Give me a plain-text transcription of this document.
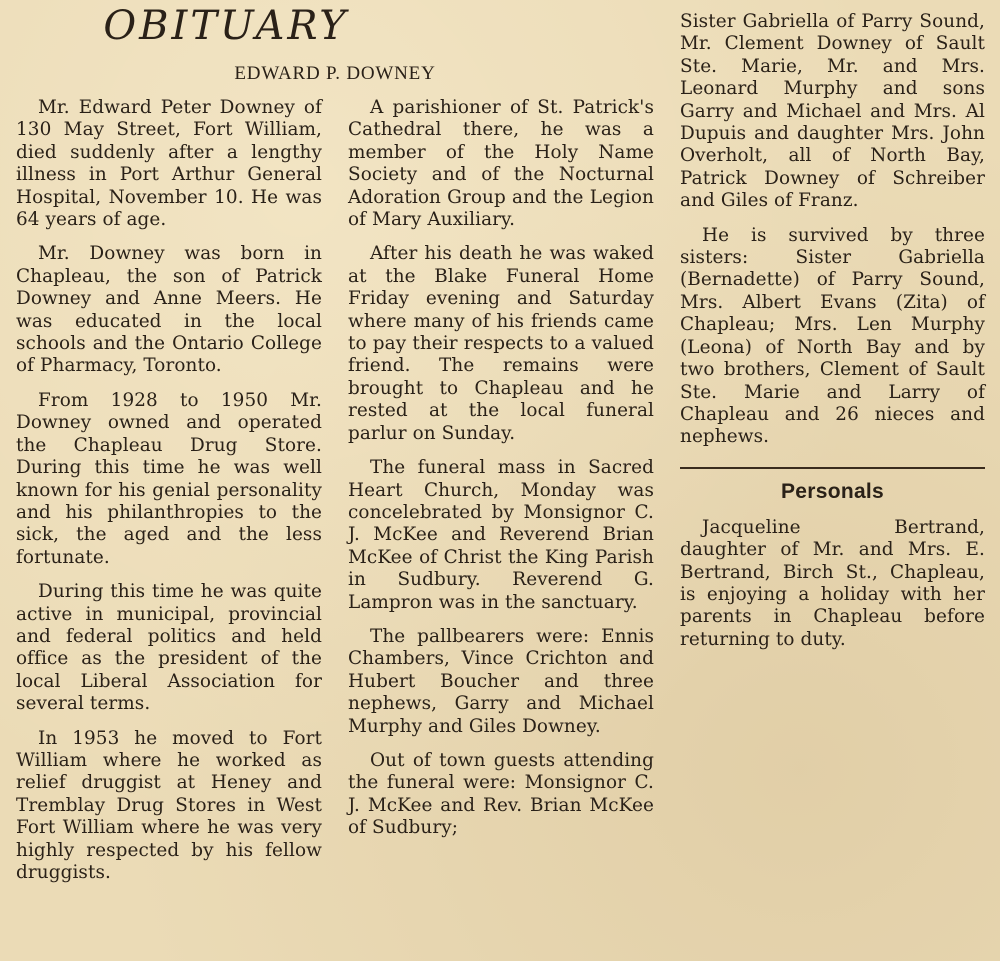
OBITUARY
EDWARD P. DOWNEY

Mr. Edward Peter Downey of 130 May Street, Fort William, died suddenly after a lengthy illness in Port Arthur General Hospital, November 10. He was 64 years of age.

Mr. Downey was born in Chapleau, the son of Patrick Downey and Anne Meers. He was educated in the local schools and the Ontario College of Pharmacy, Toronto.

From 1928 to 1950 Mr. Downey owned and operated the Chapleau Drug Store. During this time he was well known for his genial personality and his philanthropies to the sick, the aged and the less fortunate.

During this time he was quite active in municipal, provincial and federal politics and held office as the president of the local Liberal Association for several terms.

In 1953 he moved to Fort William where he worked as relief druggist at Heney and Tremblay Drug Stores in West Fort William where he was very highly respected by his fellow druggists.

A parishioner of St. Patrick's Cathedral there, he was a member of the Holy Name Society and of the Nocturnal Adoration Group and the Legion of Mary Auxiliary.

After his death he was waked at the Blake Funeral Home Friday evening and Saturday where many of his friends came to pay their respects to a valued friend. The remains were brought to Chapleau and he rested at the local funeral parlur on Sunday.

The funeral mass in Sacred Heart Church, Monday was concelebrated by Monsignor C. J. McKee and Reverend Brian McKee of Christ the King Parish in Sudbury. Reverend G. Lampron was in the sanctuary.

The pallbearers were: Ennis Chambers, Vince Crichton and Hubert Boucher and three nephews, Garry and Michael Murphy and Giles Downey.

Out of town guests attending the funeral were: Monsignor C. J. McKee and Rev. Brian McKee of Sudbury;

Sister Gabriella of Parry Sound, Mr. Clement Downey of Sault Ste. Marie, Mr. and Mrs. Leonard Murphy and sons Garry and Michael and Mrs. Al Dupuis and daughter Mrs. John Overholt, all of North Bay, Patrick Downey of Schreiber and Giles of Franz.

He is survived by three sisters: Sister Gabriella (Bernadette) of Parry Sound, Mrs. Albert Evans (Zita) of Chapleau; Mrs. Len Murphy (Leona) of North Bay and by two brothers, Clement of Sault Ste. Marie and Larry of Chapleau and 26 nieces and nephews.

Personals

Jacqueline Bertrand, daughter of Mr. and Mrs. E. Bertrand, Birch St., Chapleau, is enjoying a holiday with her parents in Chapleau before returning to duty.
